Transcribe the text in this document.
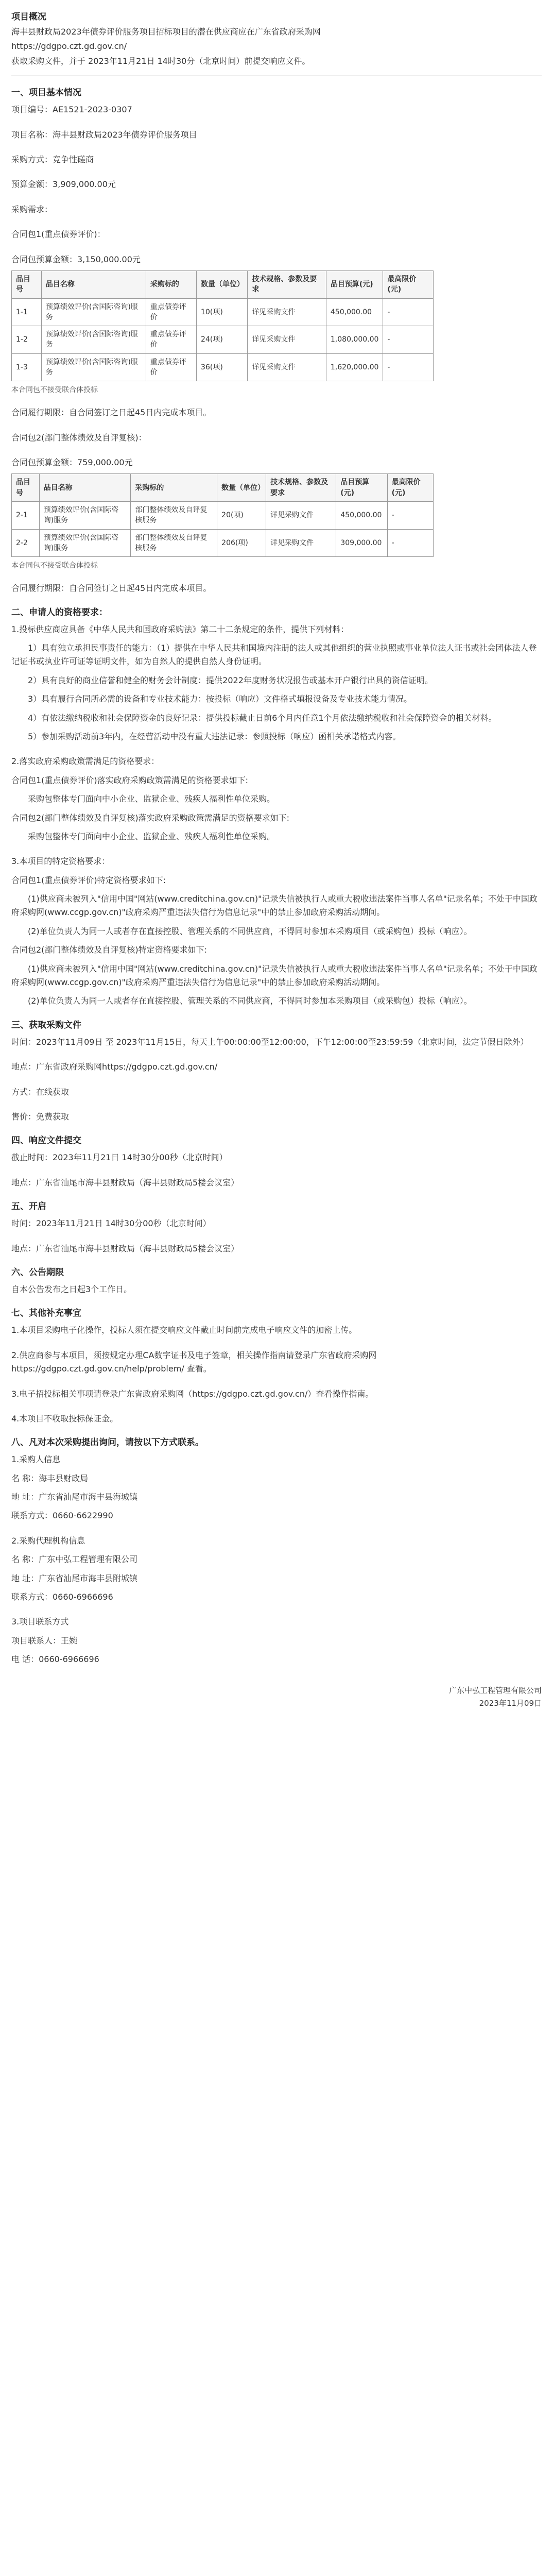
项目概况

海丰县财政局2023年债券评价服务项目招标项目的潜在供应商应在广东省政府采购网

https://gdgpo.czt.gd.gov.cn/

获取采购文件，并于 2023年11月21日 14时30分（北京时间）前提交响应文件。

一、项目基本情况

项目编号：AE1521-2023-0307

项目名称：海丰县财政局2023年债券评价服务项目

采购方式：竞争性磋商

预算金额：3,909,000.00元

采购需求：

合同包1(重点债券评价)：

合同包预算金额：3,150,000.00元

品目号	品目名称	采购标的	数量（单位）	技术规格、参数及要求	品目预算(元)	最高限价(元)
1-1	预算绩效评价(含国际咨询)服务	重点债券评价	10(项)	详见采购文件	450,000.00	-
1-2	预算绩效评价(含国际咨询)服务	重点债券评价	24(项)	详见采购文件	1,080,000.00	-
1-3	预算绩效评价(含国际咨询)服务	重点债券评价	36(项)	详见采购文件	1,620,000.00	-

本合同包不接受联合体投标

合同履行期限：自合同签订之日起45日内完成本项目。

合同包2(部门整体绩效及自评复核)：

合同包预算金额：759,000.00元

品目号	品目名称	采购标的	数量（单位）	技术规格、参数及要求	品目预算(元)	最高限价(元)
2-1	预算绩效评价(含国际咨询)服务	部门整体绩效及自评复核服务	20(项)	详见采购文件	450,000.00	-
2-2	预算绩效评价(含国际咨询)服务	部门整体绩效及自评复核服务	206(项)	详见采购文件	309,000.00	-

本合同包不接受联合体投标

合同履行期限：自合同签订之日起45日内完成本项目。

二、申请人的资格要求：

1.投标供应商应具备《中华人民共和国政府采购法》第二十二条规定的条件，提供下列材料：

1）具有独立承担民事责任的能力：（1）提供在中华人民共和国境内注册的法人或其他组织的营业执照或事业单位法人证书或社会团体法人登记证书或执业许可证等证明文件，如为自然人的提供自然人身份证明。

2）具有良好的商业信誉和健全的财务会计制度：提供2022年度财务状况报告或基本开户银行出具的资信证明。

3）具有履行合同所必需的设备和专业技术能力：按投标（响应）文件格式填报设备及专业技术能力情况。

4）有依法缴纳税收和社会保障资金的良好记录：提供投标截止日前6个月内任意1个月依法缴纳税收和社会保障资金的相关材料。

5）参加采购活动前3年内，在经营活动中没有重大违法记录：参照投标（响应）函相关承诺格式内容。

2.落实政府采购政策需满足的资格要求：

合同包1(重点债券评价)落实政府采购政策需满足的资格要求如下:

采购包整体专门面向中小企业、监狱企业、残疾人福利性单位采购。

合同包2(部门整体绩效及自评复核)落实政府采购政策需满足的资格要求如下:

采购包整体专门面向中小企业、监狱企业、残疾人福利性单位采购。

3.本项目的特定资格要求：

合同包1(重点债券评价)特定资格要求如下:

(1)供应商未被列入"信用中国"网站(www.creditchina.gov.cn)"记录失信被执行人或重大税收违法案件当事人名单"记录名单；不处于中国政府采购网(www.ccgp.gov.cn)"政府采购严重违法失信行为信息记录"中的禁止参加政府采购活动期间。

(2)单位负责人为同一人或者存在直接控股、管理关系的不同供应商，不得同时参加本采购项目（或采购包）投标（响应）。

合同包2(部门整体绩效及自评复核)特定资格要求如下:

(1)供应商未被列入"信用中国"网站(www.creditchina.gov.cn)"记录失信被执行人或重大税收违法案件当事人名单"记录名单；不处于中国政府采购网(www.ccgp.gov.cn)"政府采购严重违法失信行为信息记录"中的禁止参加政府采购活动期间。

(2)单位负责人为同一人或者存在直接控股、管理关系的不同供应商，不得同时参加本采购项目（或采购包）投标（响应）。

三、获取采购文件

时间：2023年11月09日 至 2023年11月15日，每天上午00:00:00至12:00:00，下午12:00:00至23:59:59（北京时间，法定节假日除外）

地点：广东省政府采购网https://gdgpo.czt.gd.gov.cn/

方式：在线获取

售价：免费获取

四、响应文件提交

截止时间：2023年11月21日 14时30分00秒（北京时间）

地点：广东省汕尾市海丰县财政局（海丰县财政局5楼会议室）

五、开启

时间：2023年11月21日 14时30分00秒（北京时间）

地点：广东省汕尾市海丰县财政局（海丰县财政局5楼会议室）

六、公告期限

自本公告发布之日起3个工作日。

七、其他补充事宜

1.本项目采购电子化操作，投标人须在提交响应文件截止时间前完成电子响应文件的加密上传。

2.供应商参与本项目，须按规定办理CA数字证书及电子签章，相关操作指南请登录广东省政府采购网https://gdgpo.czt.gd.gov.cn/help/problem/ 查看。

3.电子招投标相关事项请登录广东省政府采购网（https://gdgpo.czt.gd.gov.cn/）查看操作指南。

4.本项目不收取投标保证金。

八、凡对本次采购提出询问，请按以下方式联系。

1.采购人信息

名 称：海丰县财政局

地 址：广东省汕尾市海丰县海城镇

联系方式：0660-6622990

2.采购代理机构信息

名 称：广东中弘工程管理有限公司

地 址：广东省汕尾市海丰县附城镇

联系方式：0660-6966696

3.项目联系方式

项目联系人：王婉

电 话：0660-6966696

广东中弘工程管理有限公司
2023年11月09日
